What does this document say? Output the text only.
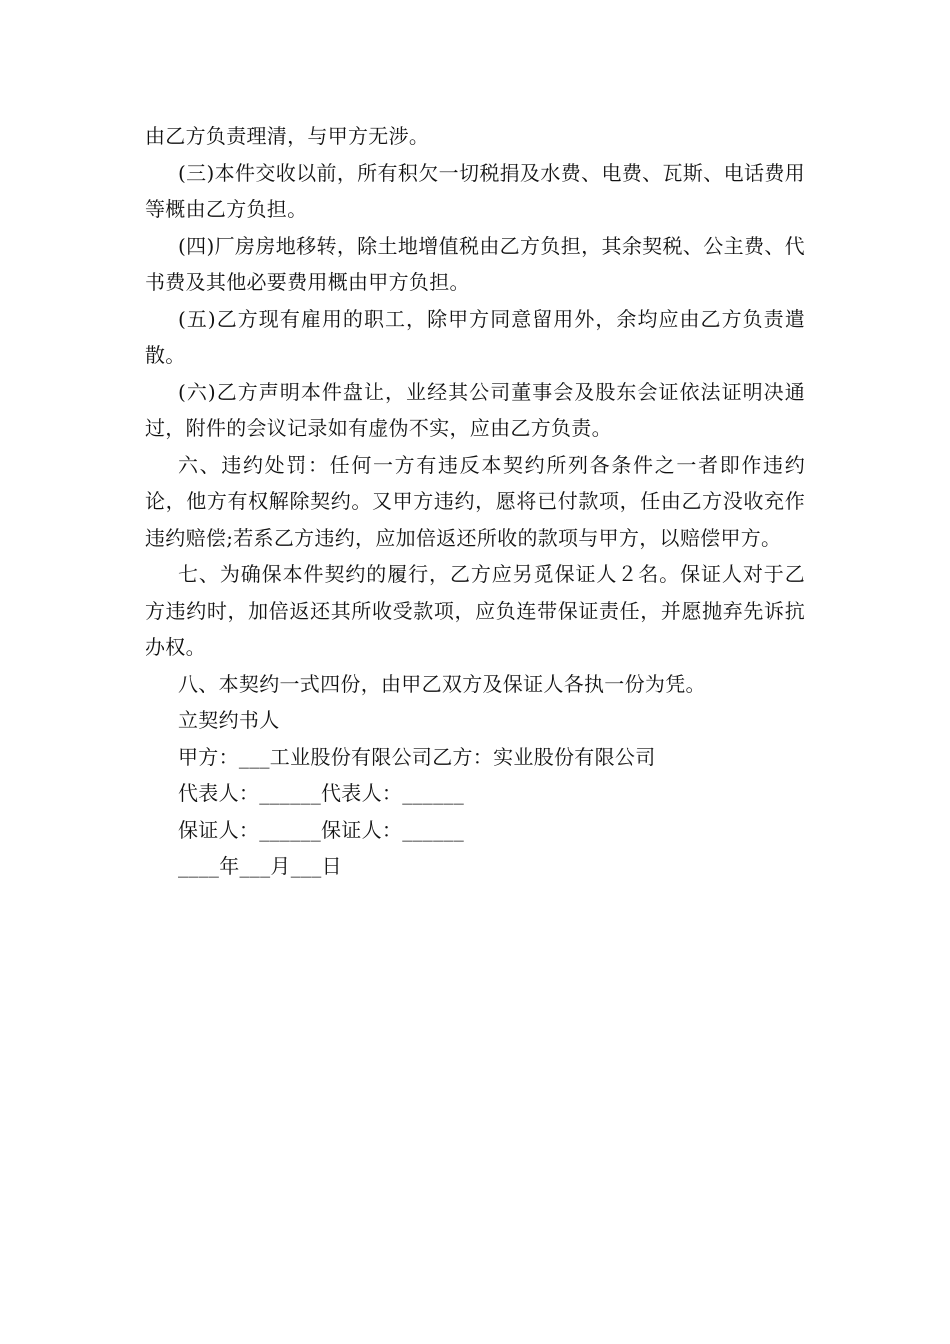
由乙方负责理清，与甲方无涉。

(三)本件交收以前，所有积欠一切税捐及水费、电费、瓦斯、电话费用等概由乙方负担。

(四)厂房房地移转，除土地增值税由乙方负担，其余契税、公主费、代书费及其他必要费用概由甲方负担。

(五)乙方现有雇用的职工，除甲方同意留用外，余均应由乙方负责遣散。

(六)乙方声明本件盘让，业经其公司董事会及股东会证依法证明决通过，附件的会议记录如有虚伪不实，应由乙方负责。

六、违约处罚：任何一方有违反本契约所列各条件之一者即作违约论，他方有权解除契约。又甲方违约，愿将已付款项，任由乙方没收充作违约赔偿;若系乙方违约，应加倍返还所收的款项与甲方，以赔偿甲方。

七、为确保本件契约的履行，乙方应另觅保证人２名。保证人对于乙方违约时，加倍返还其所收受款项，应负连带保证责任，并愿抛弃先诉抗办权。

八、本契约一式四份，由甲乙双方及保证人各执一份为凭。

立契约书人

甲方：___工业股份有限公司乙方：实业股份有限公司

代表人：______代表人：______

保证人：______保证人：______

____年___月___日
